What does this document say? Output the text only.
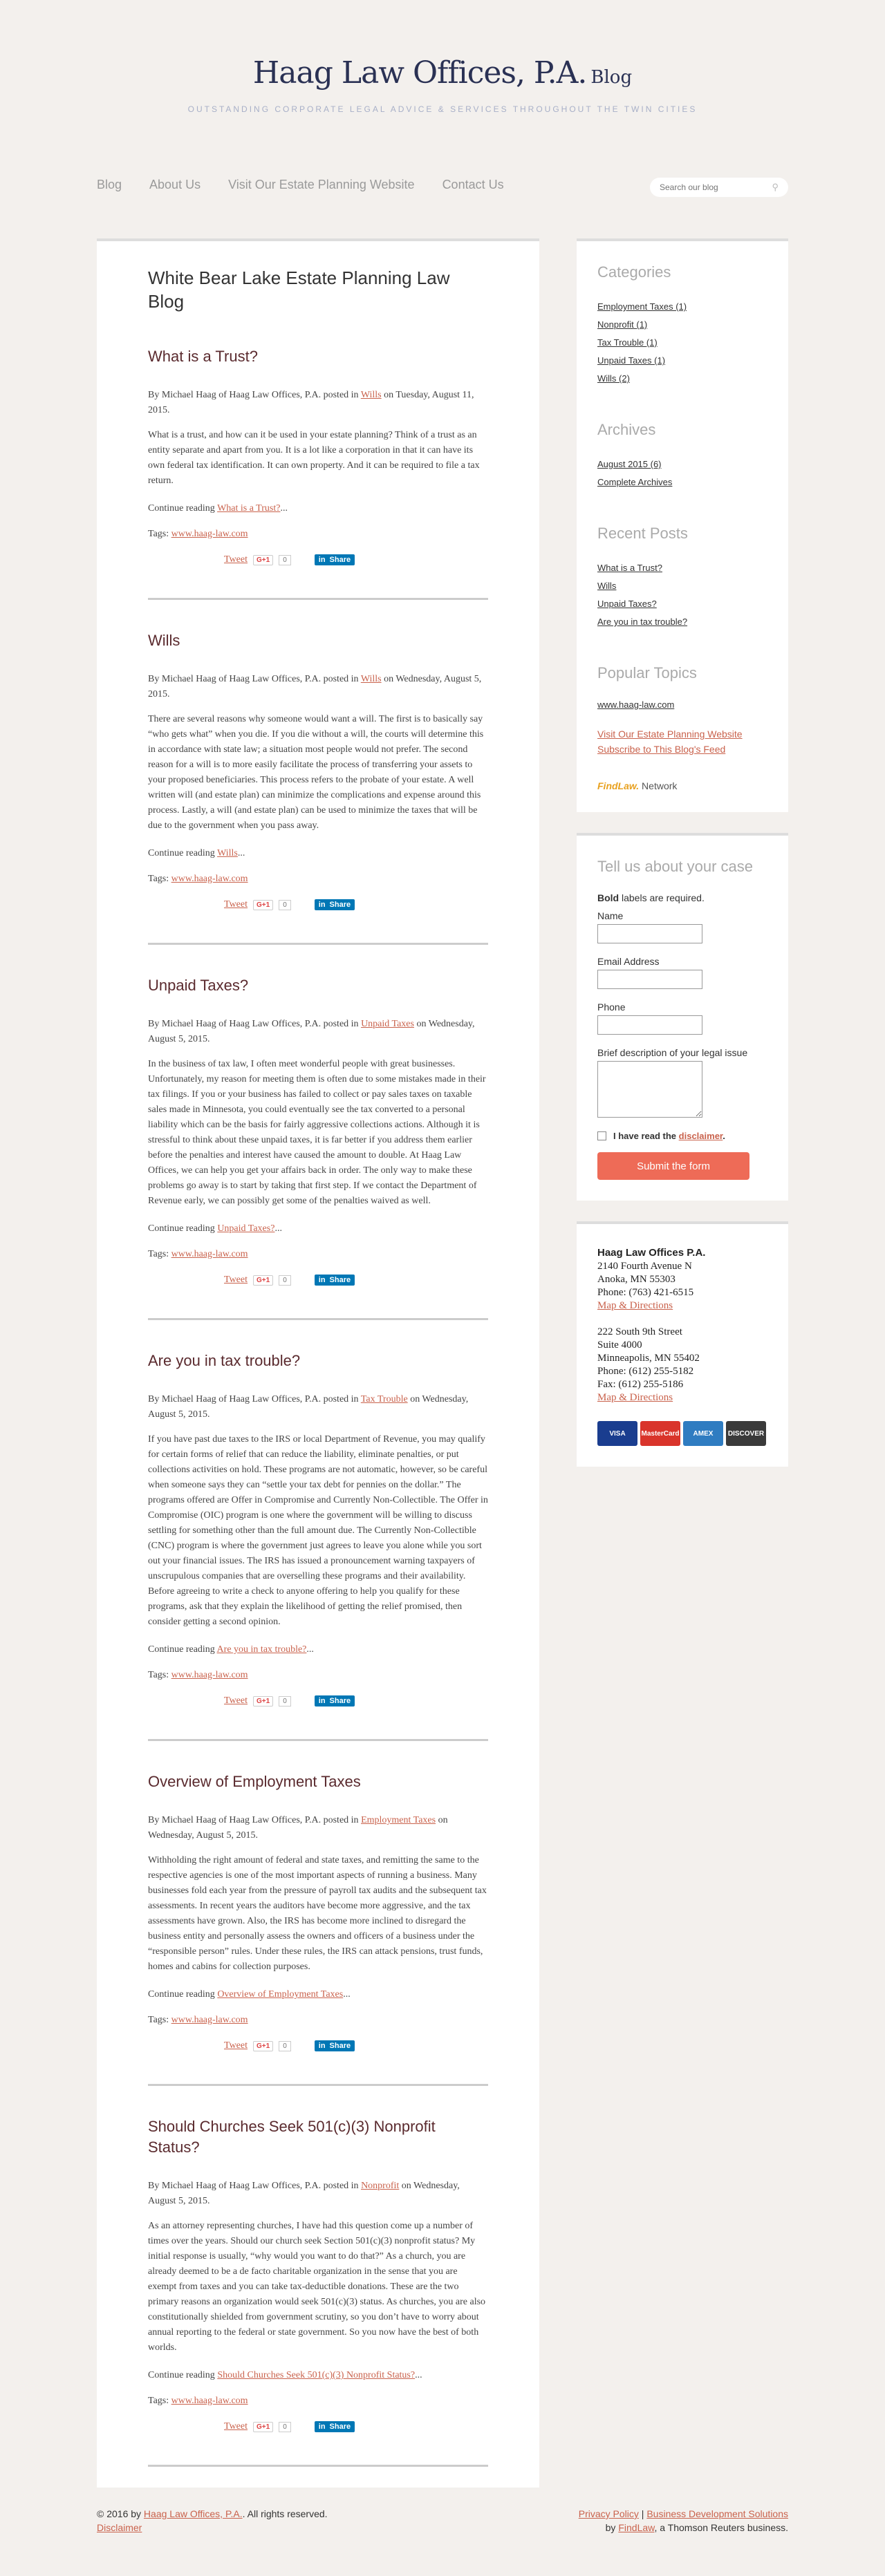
Haag Law Offices, P.A. Blog
OUTSTANDING CORPORATE LEGAL ADVICE & SERVICES THROUGHOUT THE TWIN CITIES
Blog About Us Visit Our Estate Planning Website Contact Us
Search our blog	⚲
White Bear Lake Estate Planning Law Blog
What is a Trust?

By Michael Haag of Haag Law Offices, P.A. posted in Wills on Tuesday, August 11, 2015.

What is a trust, and how can it be used in your estate planning? Think of a trust as an entity separate and apart from you. It is a lot like a corporation in that it can have its own federal tax identification. It can own property. And it can be required to file a tax return.

Continue reading What is a Trust?...

Tags: www.haag-law.com
Tweet	G+1	0	in Share
Wills

By Michael Haag of Haag Law Offices, P.A. posted in Wills on Wednesday, August 5, 2015.

There are several reasons why someone would want a will. The first is to basically say “who gets what” when you die. If you die without a will, the courts will determine this in accordance with state law; a situation most people would not prefer. The second reason for a will is to more easily facilitate the process of transferring your assets to your proposed beneficiaries. This process refers to the probate of your estate. A well written will (and estate plan) can minimize the complications and expense around this process. Lastly, a will (and estate plan) can be used to minimize the taxes that will be due to the government when you pass away.

Continue reading Wills...

Tags: www.haag-law.com
Tweet	G+1	0	in Share
Unpaid Taxes?

By Michael Haag of Haag Law Offices, P.A. posted in Unpaid Taxes on Wednesday, August 5, 2015.

In the business of tax law, I often meet wonderful people with great businesses. Unfortunately, my reason for meeting them is often due to some mistakes made in their tax filings. If you or your business has failed to collect or pay sales taxes on taxable sales made in Minnesota, you could eventually see the tax converted to a personal liability which can be the basis for fairly aggressive collections actions. Although it is stressful to think about these unpaid taxes, it is far better if you address them earlier before the penalties and interest have caused the amount to double. At Haag Law Offices, we can help you get your affairs back in order. The only way to make these problems go away is to start by taking that first step. If we contact the Department of Revenue early, we can possibly get some of the penalties waived as well.

Continue reading Unpaid Taxes?...

Tags: www.haag-law.com
Tweet	G+1	0	in Share
Are you in tax trouble?

By Michael Haag of Haag Law Offices, P.A. posted in Tax Trouble on Wednesday, August 5, 2015.

If you have past due taxes to the IRS or local Department of Revenue, you may qualify for certain forms of relief that can reduce the liability, eliminate penalties, or put collections activities on hold. These programs are not automatic, however, so be careful when someone says they can “settle your tax debt for pennies on the dollar.” The programs offered are Offer in Compromise and Currently Non-Collectible. The Offer in Compromise (OIC) program is one where the government will be willing to discuss settling for something other than the full amount due. The Currently Non-Collectible (CNC) program is where the government just agrees to leave you alone while you sort out your financial issues. The IRS has issued a pronouncement warning taxpayers of unscrupulous companies that are overselling these programs and their availability. Before agreeing to write a check to anyone offering to help you qualify for these programs, ask that they explain the likelihood of getting the relief promised, then consider getting a second opinion.

Continue reading Are you in tax trouble?...

Tags: www.haag-law.com
Tweet	G+1	0	in Share
Overview of Employment Taxes

By Michael Haag of Haag Law Offices, P.A. posted in Employment Taxes on Wednesday, August 5, 2015.

Withholding the right amount of federal and state taxes, and remitting the same to the respective agencies is one of the most important aspects of running a business. Many businesses fold each year from the pressure of payroll tax audits and the subsequent tax assessments. In recent years the auditors have become more aggressive, and the tax assessments have grown. Also, the IRS has become more inclined to disregard the business entity and personally assess the owners and officers of a business under the “responsible person” rules. Under these rules, the IRS can attack pensions, trust funds, homes and cabins for collection purposes.

Continue reading Overview of Employment Taxes...

Tags: www.haag-law.com
Tweet	G+1	0	in Share
Should Churches Seek 501(c)(3) Nonprofit Status?

By Michael Haag of Haag Law Offices, P.A. posted in Nonprofit on Wednesday, August 5, 2015.

As an attorney representing churches, I have had this question come up a number of times over the years. Should our church seek Section 501(c)(3) nonprofit status? My initial response is usually, “why would you want to do that?” As a church, you are already deemed to be a de facto charitable organization in the sense that you are exempt from taxes and you can take tax-deductible donations. These are the two primary reasons an organization would seek 501(c)(3) status. As churches, you are also constitutionally shielded from government scrutiny, so you don’t have to worry about annual reporting to the federal or state government. So you now have the best of both worlds.

Continue reading Should Churches Seek 501(c)(3) Nonprofit Status?...

Tags: www.haag-law.com
Tweet	G+1	0	in Share
Categories
Employment Taxes (1)
Nonprofit (1)
Tax Trouble (1)
Unpaid Taxes (1)
Wills (2)
Archives
August 2015 (6)
Complete Archives
Recent Posts
What is a Trust?
Wills
Unpaid Taxes?
Are you in tax trouble?
Popular Topics
www.haag-law.com
Visit Our Estate Planning Website
Subscribe to This Blog's Feed
FindLaw. Network
Tell us about your case
Bold labels are required.
Name
Email Address
Phone
Brief description of your legal issue
I have read the disclaimer.
Submit the form
Haag Law Offices P.A.
2140 Fourth Avenue N
Anoka, MN 55303
Phone: (763) 421-6515
Map & Directions

222 South 9th Street
Suite 4000
Minneapolis, MN 55402
Phone: (612) 255-5182
Fax: (612) 255-5186
Map & Directions
VISA	MasterCard	AMEX	DISCOVER
© 2016 by Haag Law Offices, P.A.. All rights reserved.
Disclaimer
Privacy Policy | Business Development Solutions by FindLaw, a Thomson Reuters business.
